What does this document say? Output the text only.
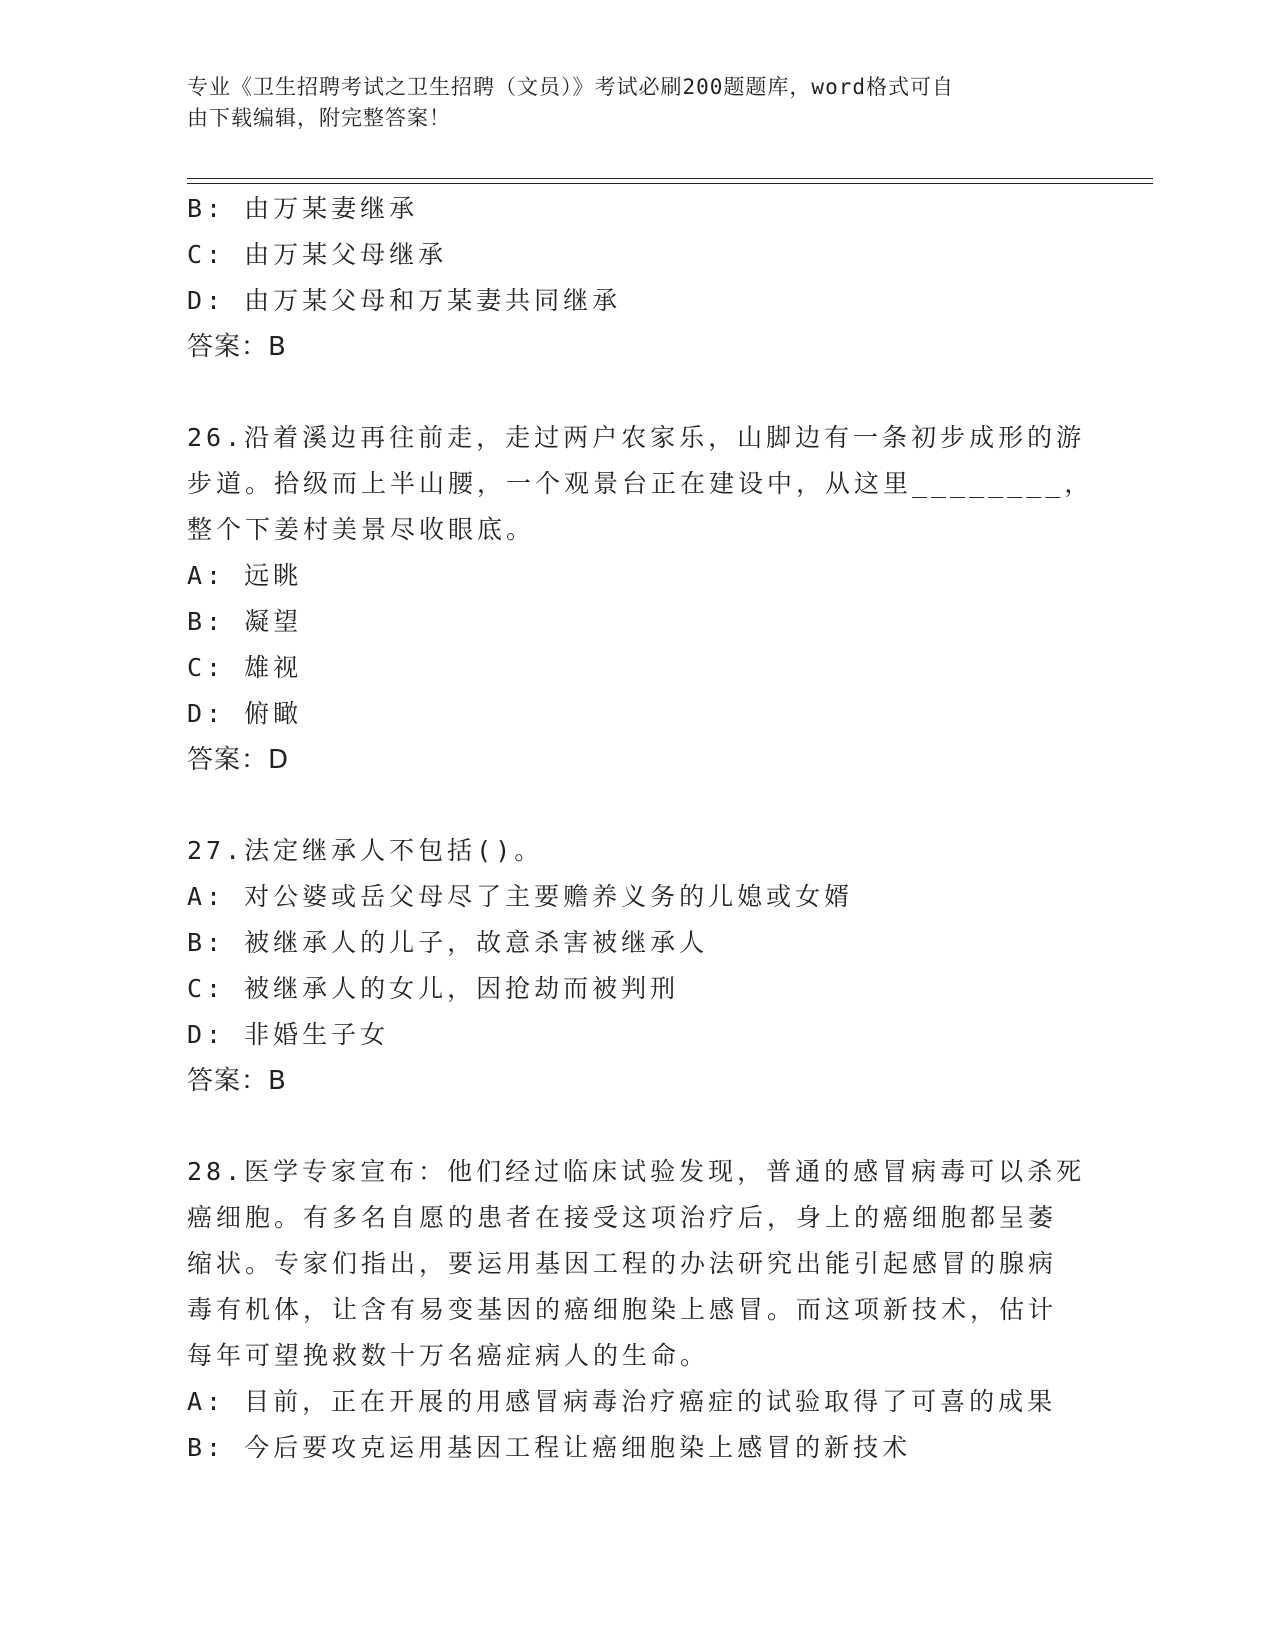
专业《卫生招聘考试之卫生招聘（文员）》考试必刷200题题库，word格式可自
由下载编辑，附完整答案！
B: 由万某妻继承
C: 由万某父母继承
D: 由万某父母和万某妻共同继承
答案：B
26.沿着溪边再往前走，走过两户农家乐，山脚边有一条初步成形的游
步道。拾级而上半山腰，一个观景台正在建设中，从这里________，
整个下姜村美景尽收眼底。
A: 远眺
B: 凝望
C: 雄视
D: 俯瞰
答案：D
27.法定继承人不包括()。
A: 对公婆或岳父母尽了主要赡养义务的儿媳或女婿
B: 被继承人的儿子，故意杀害被继承人
C: 被继承人的女儿，因抢劫而被判刑
D: 非婚生子女
答案：B
28.医学专家宣布：他们经过临床试验发现，普通的感冒病毒可以杀死
癌细胞。有多名自愿的患者在接受这项治疗后，身上的癌细胞都呈萎
缩状。专家们指出，要运用基因工程的办法研究出能引起感冒的腺病
毒有机体，让含有易变基因的癌细胞染上感冒。而这项新技术，估计
每年可望挽救数十万名癌症病人的生命。
A: 目前，正在开展的用感冒病毒治疗癌症的试验取得了可喜的成果
B: 今后要攻克运用基因工程让癌细胞染上感冒的新技术
